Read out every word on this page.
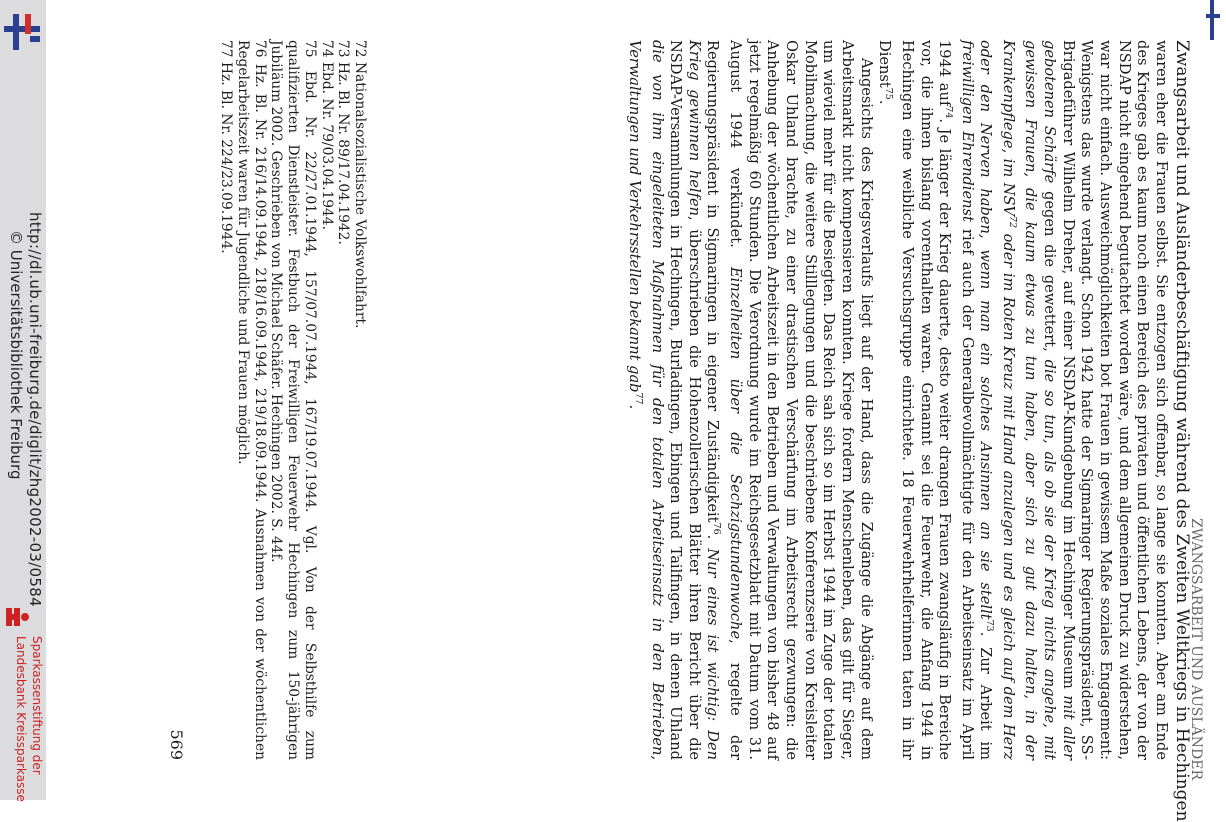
http://dl.ub.uni-freiburg.de/diglit/zhg2002-03/0584
© Universitätsbibliothek Freiburg
Sparkassenstiftung der
Landesbank Kreissparkasse	ZWANGSARBEIT UND AUSLÄNDER
Zwangsarbeit und Ausländerbeschäftigung während des Zweiten Weltkriegs in Hechingen

waren eher die Frauen selbst. Sie entzogen sich offenbar, so lange sie konnten. Aber am Ende des Krieges gab es kaum noch einen Bereich des privaten und öffentlichen Lebens, der von der NSDAP nicht eingehend begutachtet worden wäre, und dem allgemeinen Druck zu widerstehen, war nicht einfach. Ausweichmöglichkeiten bot Frauen in gewissem Maße soziales Engagement: Wenigstens das wurde verlangt. Schon 1942 hatte der Sigmaringer Regierungspräsident, SS-Brigadeführer Wilhelm Dreher, auf einer NSDAP-Kundgebung im Hechinger Museum mit aller gebotenen Schärfe gegen die gewettert, die so tun, als ob sie der Krieg nichts angehe, mit gewissen Frauen, die kaum etwas zu tun haben, aber sich zu gut dazu halten, in der Krankenpflege, im NSV$^{72}$ oder im Roten Kreuz mit Hand anzulegen und es gleich auf dem Herz oder den Nerven haben, wenn man ein solches Ansinnen an sie stellt$^{73}$. Zur Arbeit im freiwilligen Ehrendienst rief auch der Generalbevollmächtigte für den Arbeitseinsatz im April 1944 auf$^{74}$. Je länger der Krieg dauerte, desto weiter drangen Frauen zwangsläufig in Bereiche vor, die ihnen bislang vorenthalten waren. Genannt sei die Feuerwehr, die Anfang 1944 in Hechingen eine weibliche Versuchsgruppe einrichtete. 18 Feuerwehrhelferinnen taten in ihr Dienst$^{75}$.

Angesichts des Kriegsverlaufs liegt auf der Hand, dass die Zugänge die Abgänge auf dem Arbeitsmarkt nicht kompensieren konnten. Kriege fordern Menschenleben, das gilt für Sieger, um wieviel mehr für die Besiegten. Das Reich sah sich so im Herbst 1944 im Zuge der totalen Mobilmachung, die weitere Stilllegungen und die beschriebene Konferenzserie von Kreisleiter Oskar Uhland brachte, zu einer drastischen Verschärfung im Arbeitsrecht gezwungen: die Anhebung der wöchentlichen Arbeitszeit in den Betrieben und Verwaltungen von bisher 48 auf jetzt regelmäßig 60 Stunden. Die Verordnung wurde im Reichsgesetzblatt mit Datum vom 31. August 1944 verkündet. Einzelheiten über die Sechzigstundenwoche, regelte der Regierungspräsident in Sigmaringen in eigener Zuständigkeit$^{76}$. Nur eines ist wichtig: Den Krieg gewinnen helfen, überschrieben die Hohenzollerischen Blätter ihren Bericht über die NSDAP-Versammlungen in Hechingen, Burladingen, Ebingen und Tailfingen, in denen Uhland die von ihm eingeleiteten Maßnahmen für den totalen Arbeitseinsatz in den Betrieben, Verwaltungen und Verkehrsstellen bekannt gab$^{77}$.

72 Nationalsozialistische Volkswohlfahrt.

73 Hz. Bl. Nr. 89/17.04.1942.

74 Ebd. Nr. 79/03.04.1944.

75 Ebd. Nr. 22/27.01.1944, 157/07.07.1944, 167/19.07.1944. Vgl. Von der Selbsthilfe zum qualifizierten Dienstleister. Festbuch der Freiwilligen Feuerwehr Hechingen zum 150-jährigen Jubiläum 2002. Geschrieben von Michael Schäfer. Hechingen 2002. S. 44f.

76 Hz. Bl. Nr. 216/14.09.1944, 218/16.09.1944, 219/18.09.1944. Ausnahmen von der wöchentlichen Regelarbeitszeit waren für Jugendliche und Frauen möglich.

77 Hz. Bl. Nr. 224/23.09.1944.

569
